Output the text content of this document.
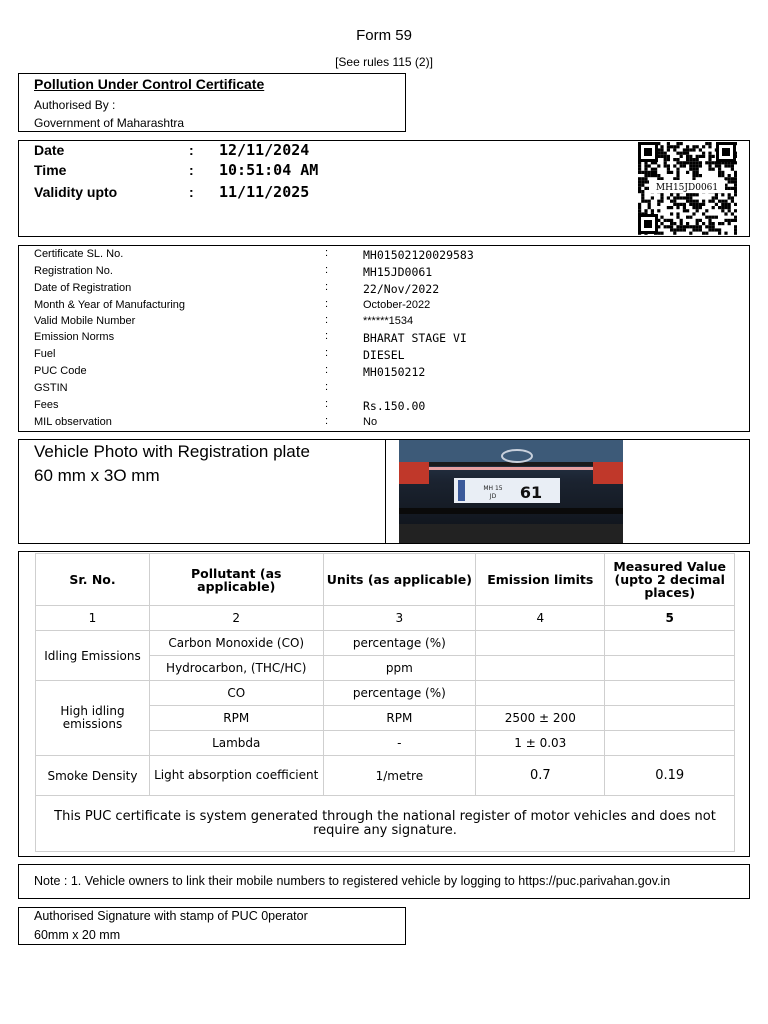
Form 59
[See rules 115 (2)]
Pollution Under Control Certificate
Authorised By :
Government of Maharashtra
Date	: 12/11/2024
Time	: 10:51:04 AM
Validity upto	: 11/11/2025	MH15JD0061
Certificate SL. No.	:	MH01502120029583
Registration No.	:	MH15JD0061
Date of Registration	:	22/Nov/2022
Month & Year of Manufacturing	:	October-2022
Valid Mobile Number	:	******1534
Emission Norms	:	BHARAT STAGE VI
Fuel	:	DIESEL
PUC Code	:	MH0150212
GSTIN	:
Fees	:	Rs.150.00
MIL observation	:	No
Vehicle Photo with Registration plate
60 mm x 3O mm
MH 15
JD 61
Sr. No.	Pollutant (as applicable)	Units (as applicable)	Emission limits	Measured Value (upto 2 decimal places)
1	2	3	4	5
Idling Emissions	Carbon Monoxide (CO)	percentage (%)		
	Hydrocarbon, (THC/HC)	ppm		
High idling emissions	CO	percentage (%)		
	RPM	RPM	2500 ± 200	
	Lambda	-	1 ± 0.03	
Smoke Density	Light absorption coefficient	1/metre	0.7	0.19
This PUC certificate is system generated through the national register of motor vehicles and does not require any signature.				
Note : 1. Vehicle owners to link their mobile numbers to registered vehicle by logging to https://puc.parivahan.gov.in
Authorised Signature with stamp of PUC 0perator
60mm x 20 mm
